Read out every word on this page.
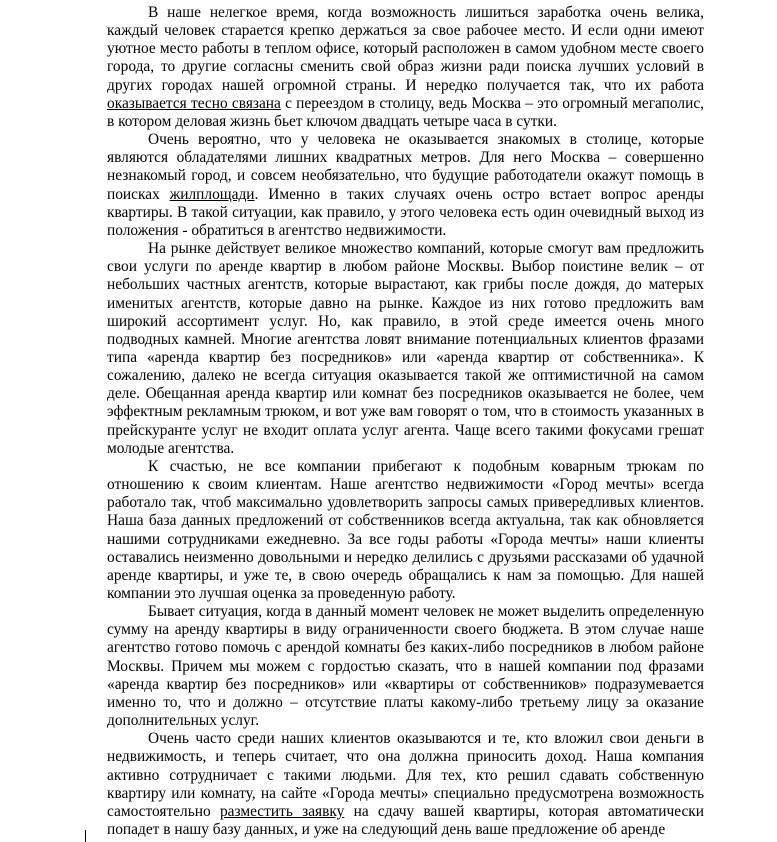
В наше нелегкое время, когда возможность лишиться заработка очень велика, каждый человек старается крепко держаться за свое рабочее место. И если одни имеют уютное место работы в теплом офисе, который расположен в самом удобном месте своего города, то другие согласны сменить свой образ жизни ради поиска лучших условий в других городах нашей огромной страны. И нередко получается так, что их работа оказывается тесно связана с переездом в столицу, ведь Москва – это огромный мегаполис, в котором деловая жизнь бьет ключом двадцать четыре часа в сутки.

Очень вероятно, что у человека не оказывается знакомых в столице, которые являются обладателями лишних квадратных метров. Для него Москва – совершенно незнакомый город, и совсем необязательно, что будущие работодатели окажут помощь в поисках жилплощади. Именно в таких случаях очень остро встает вопрос аренды квартиры. В такой ситуации, как правило, у этого человека есть один очевидный выход из положения - обратиться в агентство недвижимости.

На рынке действует великое множество компаний, которые смогут вам предложить свои услуги по аренде квартир в любом районе Москвы. Выбор поистине велик – от небольших частных агентств, которые вырастают, как грибы после дождя, до матерых именитых агентств, которые давно на рынке. Каждое из них готово предложить вам широкий ассортимент услуг. Но, как правило, в этой среде имеется очень много подводных камней. Многие агентства ловят внимание потенциальных клиентов фразами типа «аренда квартир без посредников» или «аренда квартир от собственника». К сожалению, далеко не всегда ситуация оказывается такой же оптимистичной на самом деле. Обещанная аренда квартир или комнат без посредников оказывается не более, чем эффектным рекламным трюком, и вот уже вам говорят о том, что в стоимость указанных в прейскуранте услуг не входит оплата услуг агента. Чаще всего такими фокусами грешат молодые агентства.

К счастью, не все компании прибегают к подобным коварным трюкам по отношению к своим клиентам. Наше агентство недвижимости «Город мечты» всегда работало так, чтоб максимально удовлетворить запросы самых привередливых клиентов. Наша база данных предложений от собственников всегда актуальна, так как обновляется нашими сотрудниками ежедневно. За все годы работы «Города мечты» наши клиенты оставались неизменно довольными и нередко делились с друзьями рассказами об удачной аренде квартиры, и уже те, в свою очередь обращались к нам за помощью. Для нашей компании это лучшая оценка за проведенную работу.

Бывает ситуация, когда в данный момент человек не может выделить определенную сумму на аренду квартиры в виду ограниченности своего бюджета. В этом случае наше агентство готово помочь с арендой комнаты без каких-либо посредников в любом районе Москвы. Причем мы можем с гордостью сказать, что в нашей компании под фразами «аренда квартир без посредников» или «квартиры от собственников» подразумевается именно то, что и должно – отсутствие платы какому-либо третьему лицу за оказание дополнительных услуг.

Очень часто среди наших клиентов оказываются и те, кто вложил свои деньги в недвижимость, и теперь считает, что она должна приносить доход. Наша компания активно сотрудничает с такими людьми. Для тех, кто решил сдавать собственную квартиру или комнату, на сайте «Города мечты» специально предусмотрена возможность самостоятельно разместить заявку на сдачу вашей квартиры, которая автоматически попадет в нашу базу данных, и уже на следующий день ваше предложение об аренде
